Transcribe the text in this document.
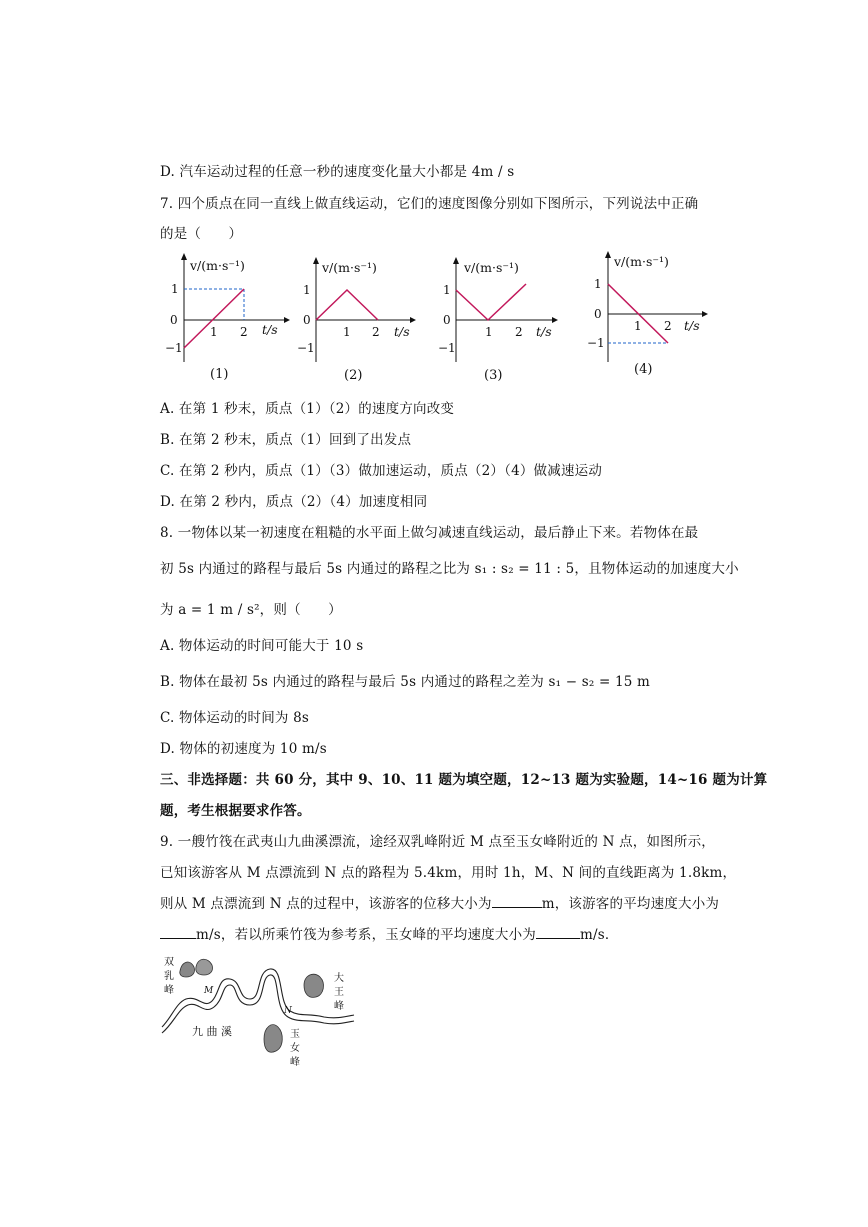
D. 汽车运动过程的任意一秒的速度变化量大小都是 4m / s
7. 四个质点在同一直线上做直线运动，它们的速度图像分别如下图所示，下列说法中正确
的是（　　）
v/(m·s⁻¹)
1
0
−1
1 2 t/s
(1)
v/(m·s⁻¹)
1
0
−1
1 2 t/s
(2)
v/(m·s⁻¹)
1
0
−1
1 2 t/s
(3)
v/(m·s⁻¹)
1
0
−1
1 2 t/s
(4)
A. 在第 1 秒末，质点（1）（2）的速度方向改变
B. 在第 2 秒末，质点（1）回到了出发点
C. 在第 2 秒内，质点（1）（3）做加速运动，质点（2）（4）做减速运动
D. 在第 2 秒内，质点（2）（4）加速度相同
8. 一物体以某一初速度在粗糙的水平面上做匀减速直线运动，最后静止下来。若物体在最
初 5s 内通过的路程与最后 5s 内通过的路程之比为 s₁ : s₂ = 11 : 5，且物体运动的加速度大小
为 a = 1 m / s²，则（　　）
A. 物体运动的时间可能大于 10 s
B. 物体在最初 5s 内通过的路程与最后 5s 内通过的路程之差为 s₁ − s₂ = 15 m
C. 物体运动的时间为 8s
D. 物体的初速度为 10 m/s
三、非选择题：共 60 分，其中 9、10、11 题为填空题，12~13 题为实验题，14~16 题为计算
题，考生根据要求作答。
9. 一艘竹筏在武夷山九曲溪漂流，途经双乳峰附近 M 点至玉女峰附近的 N 点，如图所示，
已知该游客从 M 点漂流到 N 点的路程为 5.4km，用时 1h，M、N 间的直线距离为 1.8km，
则从 M 点漂流到 N 点的过程中，该游客的位移大小为	m，该游客的平均速度大小为
m/s，若以所乘竹筏为参考系，玉女峰的平均速度大小为	m/s．
双
乳
峰
大
王
峰
玉
女
峰
九 曲 溪
M
N
